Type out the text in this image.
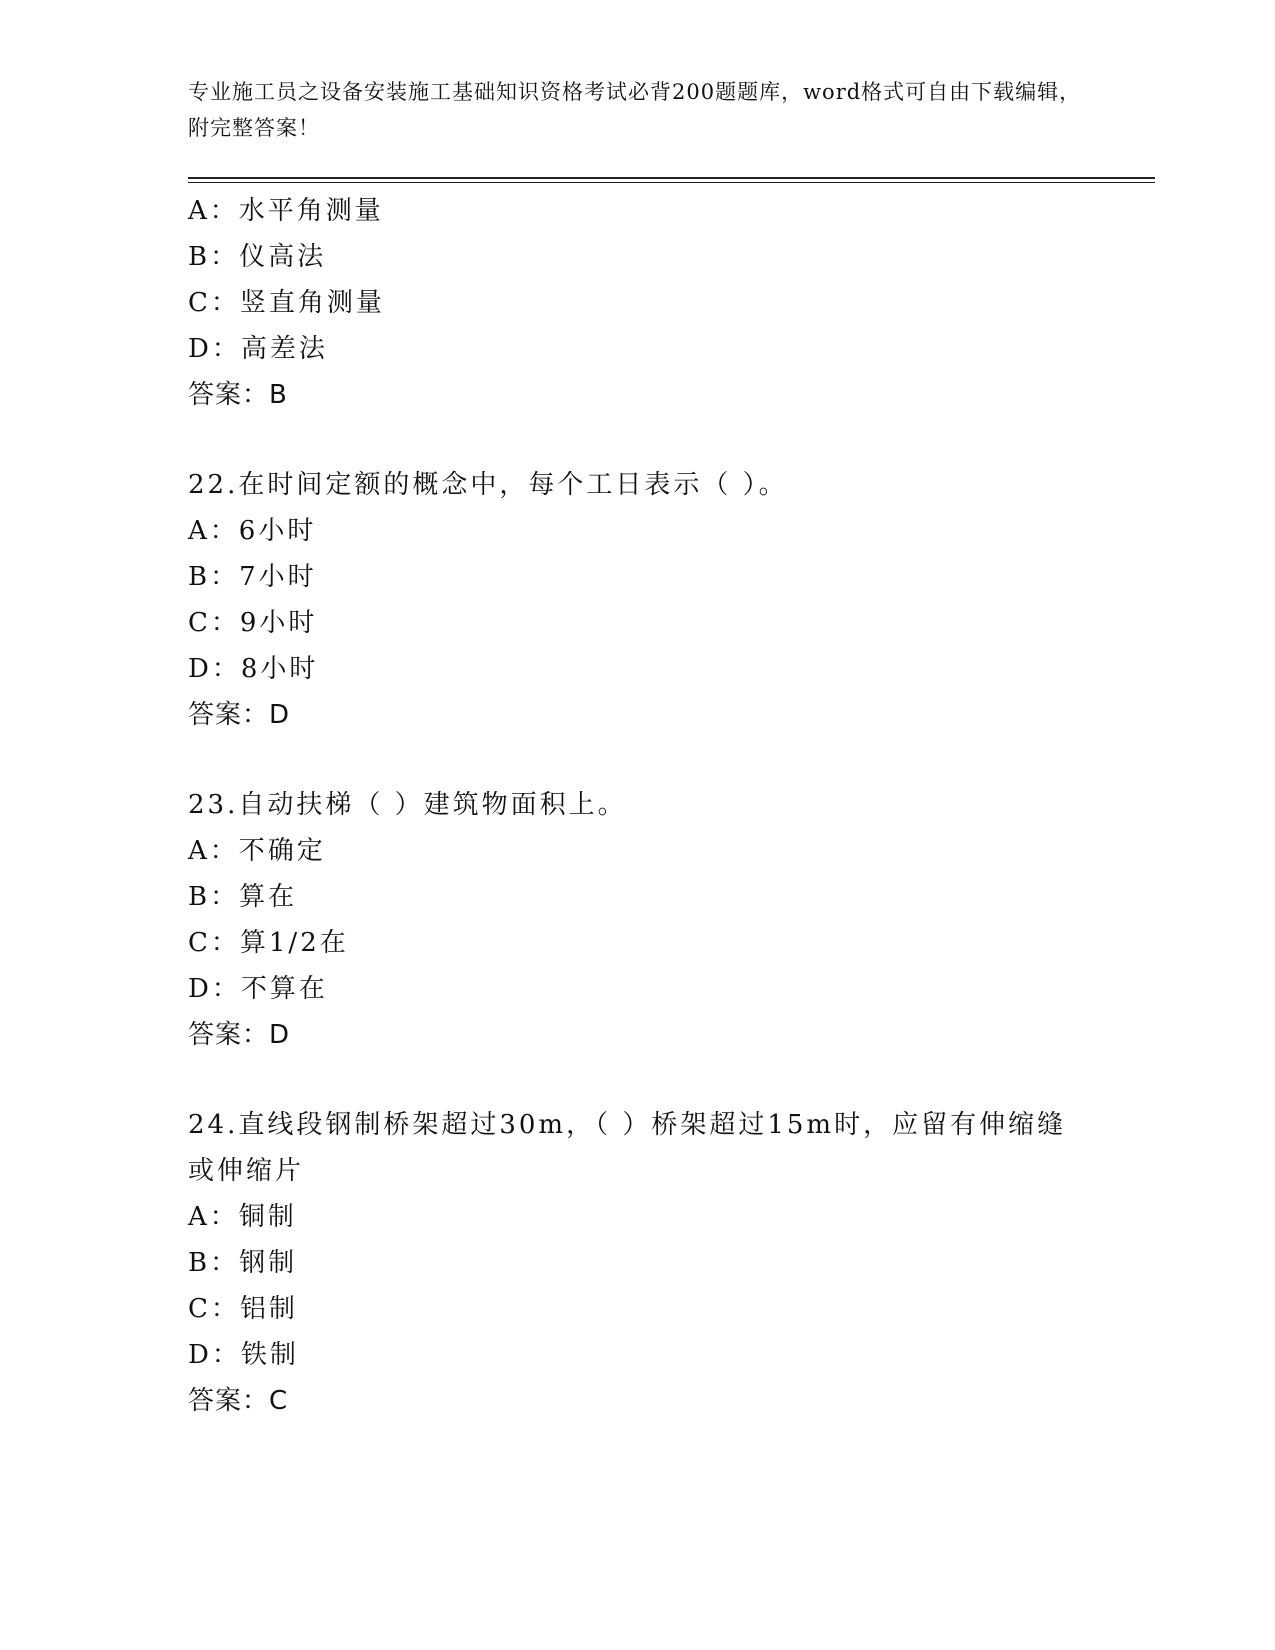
专业施工员之设备安装施工基础知识资格考试必背200题题库，word格式可自由下载编辑，附完整答案！
A：水平角测量
B：仪高法
C：竖直角测量
D：高差法
答案：B
22.在时间定额的概念中，每个工日表示（ ）。
A：6小时
B：7小时
C：9小时
D：8小时
答案：D
23.自动扶梯（ ）建筑物面积上。
A：不确定
B：算在
C：算1/2在
D：不算在
答案：D
24.直线段钢制桥架超过30m，（ ）桥架超过15m时，应留有伸缩缝或伸缩片
A：铜制
B：钢制
C：铝制
D：铁制
答案：C
